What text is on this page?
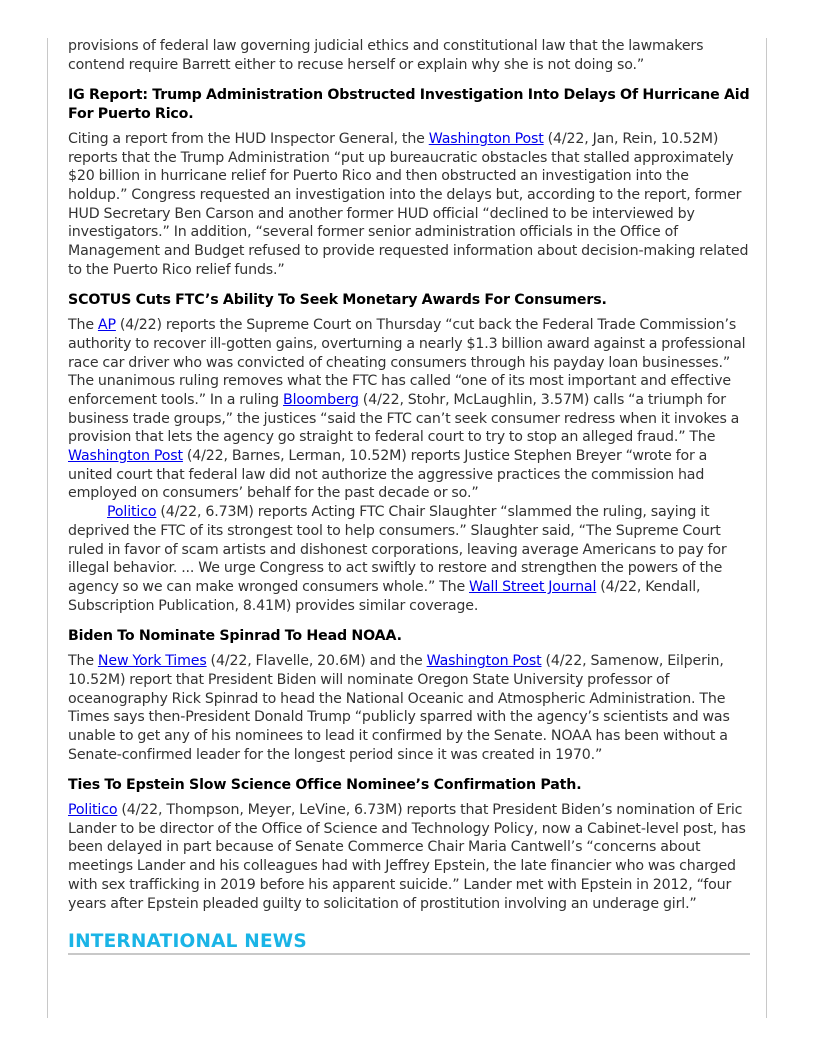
provisions of federal law governing judicial ethics and constitutional law that the lawmakers contend require Barrett either to recuse herself or explain why she is not doing so.”

IG Report: Trump Administration Obstructed Investigation Into Delays Of Hurricane Aid For Puerto Rico.

Citing a report from the HUD Inspector General, the Washington Post (4/22, Jan, Rein, 10.52M) reports that the Trump Administration “put up bureaucratic obstacles that stalled approximately $20 billion in hurricane relief for Puerto Rico and then obstructed an investigation into the holdup.” Congress requested an investigation into the delays but, according to the report, former HUD Secretary Ben Carson and another former HUD official “declined to be interviewed by investigators.” In addition, “several former senior administration officials in the Office of Management and Budget refused to provide requested information about decision-making related to the Puerto Rico relief funds.”

SCOTUS Cuts FTC’s Ability To Seek Monetary Awards For Consumers.

The AP (4/22) reports the Supreme Court on Thursday “cut back the Federal Trade Commission’s authority to recover ill-gotten gains, overturning a nearly $1.3 billion award against a professional race car driver who was convicted of cheating consumers through his payday loan businesses.” The unanimous ruling removes what the FTC has called “one of its most important and effective enforcement tools.” In a ruling Bloomberg (4/22, Stohr, McLaughlin, 3.57M) calls “a triumph for business trade groups,” the justices “said the FTC can’t seek consumer redress when it invokes a provision that lets the agency go straight to federal court to try to stop an alleged fraud.” The Washington Post (4/22, Barnes, Lerman, 10.52M) reports Justice Stephen Breyer “wrote for a united court that federal law did not authorize the aggressive practices the commission had employed on consumers’ behalf for the past decade or so.”

Politico (4/22, 6.73M) reports Acting FTC Chair Slaughter “slammed the ruling, saying it deprived the FTC of its strongest tool to help consumers.” Slaughter said, “The Supreme Court ruled in favor of scam artists and dishonest corporations, leaving average Americans to pay for illegal behavior. ... We urge Congress to act swiftly to restore and strengthen the powers of the agency so we can make wronged consumers whole.” The Wall Street Journal (4/22, Kendall, Subscription Publication, 8.41M) provides similar coverage.

Biden To Nominate Spinrad To Head NOAA.

The New York Times (4/22, Flavelle, 20.6M) and the Washington Post (4/22, Samenow, Eilperin, 10.52M) report that President Biden will nominate Oregon State University professor of oceanography Rick Spinrad to head the National Oceanic and Atmospheric Administration. The Times says then-President Donald Trump “publicly sparred with the agency’s scientists and was unable to get any of his nominees to lead it confirmed by the Senate. NOAA has been without a Senate-confirmed leader for the longest period since it was created in 1970.”

Ties To Epstein Slow Science Office Nominee’s Confirmation Path.

Politico (4/22, Thompson, Meyer, LeVine, 6.73M) reports that President Biden’s nomination of Eric Lander to be director of the Office of Science and Technology Policy, now a Cabinet-level post, has been delayed in part because of Senate Commerce Chair Maria Cantwell’s “concerns about meetings Lander and his colleagues had with Jeffrey Epstein, the late financier who was charged with sex trafficking in 2019 before his apparent suicide.” Lander met with Epstein in 2012, “four years after Epstein pleaded guilty to solicitation of prostitution involving an underage girl.”

INTERNATIONAL NEWS
